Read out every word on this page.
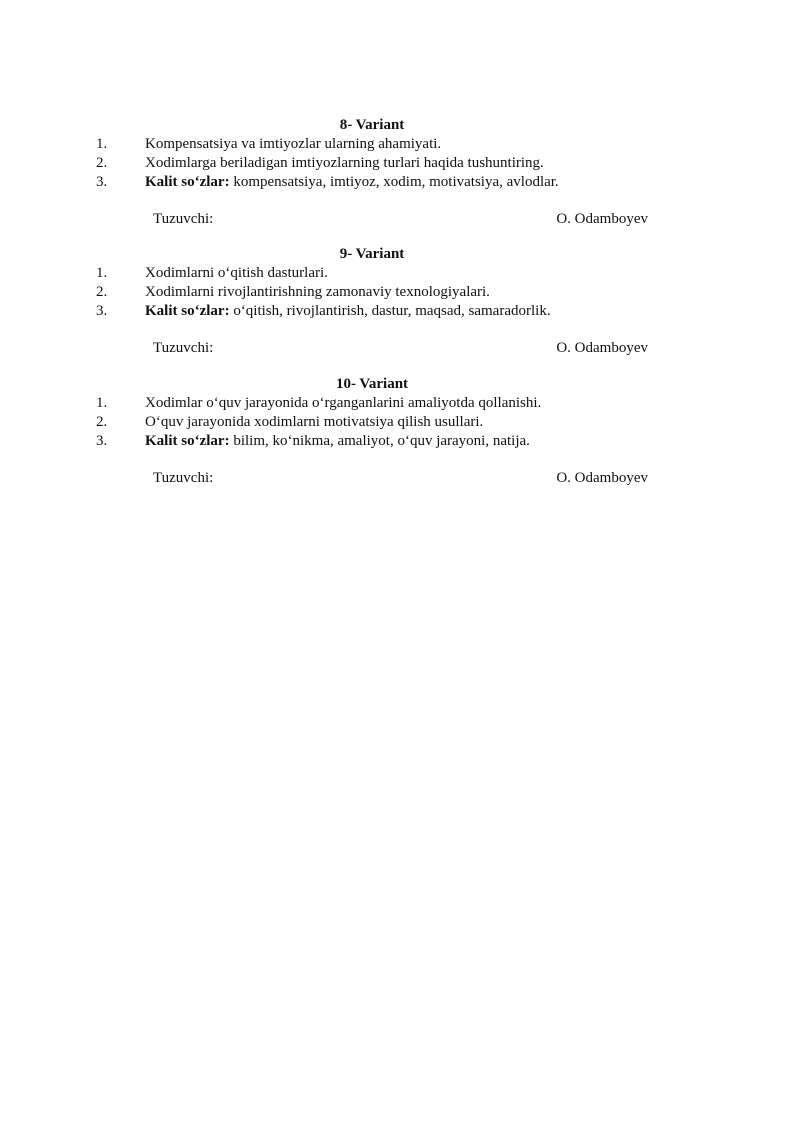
8- Variant

1.	Kompensatsiya va imtiyozlar ularning ahamiyati.
2.	Xodimlarga beriladigan imtiyozlarning turlari haqida tushuntiring.
3.	Kalit so‘zlar: kompensatsiya, imtiyoz, xodim, motivatsiya, avlodlar.
Tuzuvchi:	O. Odamboyev

9- Variant

1.	Xodimlarni o‘qitish dasturlari.
2.	Xodimlarni rivojlantirishning zamonaviy texnologiyalari.
3.	Kalit so‘zlar: o‘qitish, rivojlantirish, dastur, maqsad, samaradorlik.
Tuzuvchi:	O. Odamboyev

10- Variant

1.	Xodimlar o‘quv jarayonida o‘rganganlarini amaliyotda qollanishi.
2.	O‘quv jarayonida xodimlarni motivatsiya qilish usullari.
3.	Kalit so‘zlar: bilim, ko‘nikma, amaliyot, o‘quv jarayoni, natija.
Tuzuvchi:	O. Odamboyev
